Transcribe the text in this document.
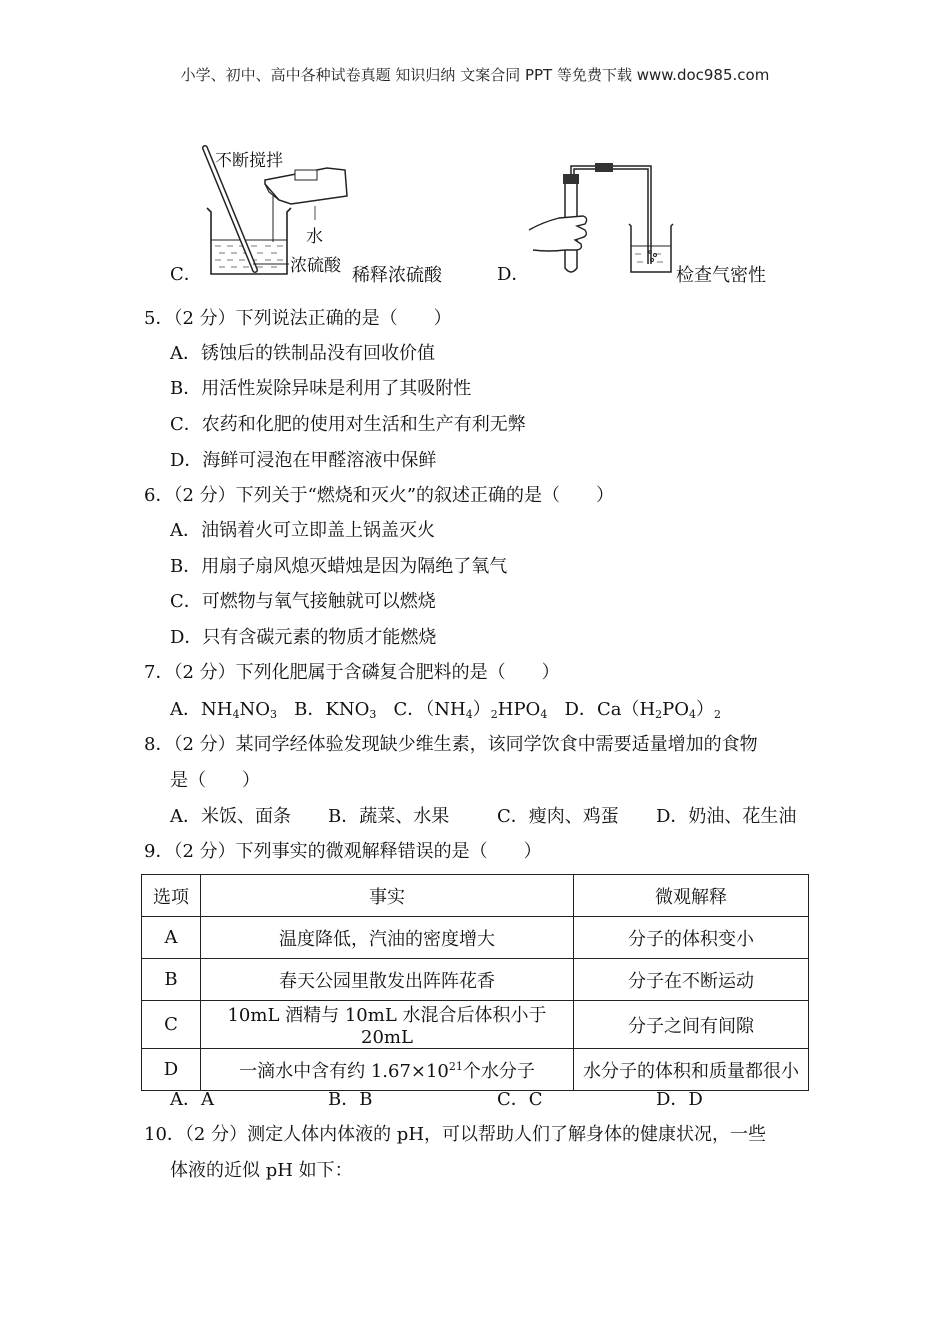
小学、初中、高中各种试卷真题 知识归纳 文案合同 PPT 等免费下载 www.doc985.com
C．
不断搅拌
水
浓硫酸 稀释浓硫酸	D．	检查气密性
5．（2 分）下列说法正确的是（　　）
A．锈蚀后的铁制品没有回收价值
B．用活性炭除异味是利用了其吸附性
C．农药和化肥的使用对生活和生产有利无弊
D．海鲜可浸泡在甲醛溶液中保鲜
6．（2 分）下列关于“燃烧和灭火”的叙述正确的是（　　）
A．油锅着火可立即盖上锅盖灭火
B．用扇子扇风熄灭蜡烛是因为隔绝了氧气
C．可燃物与氧气接触就可以燃烧
D．只有含碳元素的物质才能燃烧
7．（2 分）下列化肥属于含磷复合肥料的是（　　）
A．$NH_4NO_3$ B．$KNO_3$ C．$(NH_4)_2HPO_4$ D．$Ca(H_2PO_4)_2$
8．（2 分）某同学经体验发现缺少维生素，该同学饮食中需要适量增加的食物
是（　　）
A．米饭、面条 B．蔬菜、水果	C．瘦肉、鸡蛋 D．奶油、花生油
9．（2 分）下列事实的微观解释错误的是（　　）
选项	事实	微观解释
A	温度降低，汽油的密度增大	分子的体积变小
B	春天公园里散发出阵阵花香	分子在不断运动
C	10mL 酒精与 10mL 水混合后体积小于 20mL	分子之间有间隙
D	一滴水中含有约 $1.67\times 10^{21}$个水分子	水分子的体积和质量都很小
A．A	B．B	C．C	D．D
10．（2 分）测定人体内体液的 pH，可以帮助人们了解身体的健康状况，一些
体液的近似 pH 如下：
